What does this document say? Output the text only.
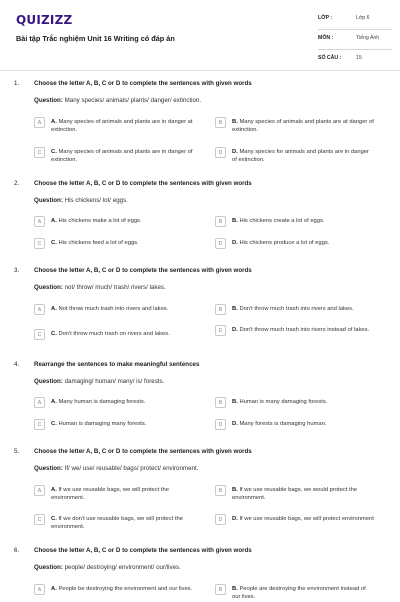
QUIZIZZ
Bài tập Trắc nghiệm Unit 16 Writing có đáp án
LỚP :	Lớp 6
MÔN :	Tiếng Anh
SỐ CÂU :	15
1. Choose the letter A, B, C or D to complete the sentences with given words
Question: Many species/ animals/ plants/ danger/ extinction.
A	A. Many species of animals and plants are in danger at extinction.
B	B. Many species of animals and plants are at danger of extinction.
C	C. Many species of animals and plants are in danger of extinction.
D	D. Many species for animals and plants are in danger of extinction.
2. Choose the letter A, B, C or D to complete the sentences with given words
Question: His chickens/ lot/ eggs.
A	A. His chickens make a lot of eggs.	B	B. His chickens create a lot of eggs.
C	C. His chickens feed a lot of eggs.	D	D. His chickens produce a lot of eggs.
3. Choose the letter A, B, C or D to complete the sentences with given words
Question: not/ throw/ much/ trash/ rivers/ lakes.
A	A. Not throw much trash into rivers and lakes.	B	B. Don't throw much trash into rivers and lakes.
C	C. Don't throw much trash on rivers and lakes.	D	D. Don't throw much trash into rivers instead of lakes.
4. Rearrange the sentences to make meaningful sentences
Question: damaging/ human/ many/ is/ forests.
A	A. Many human is damaging forests.	B	B. Human is many damaging forests.
C	C. Human is damaging many forests.	D	D. Many forests is damaging human.
5. Choose the letter A, B, C or D to complete the sentences with given words
Question: If/ we/ use/ reusable/ bags/ protect/ environment.
A	A. If we use reusable bags, we will protect the environment.
B	B. If we use reusable bags, we would protect the environment.
C	C. If we don't use reusable bags, we will protect the environment.
D	D. If we use reusable bags, we will protect environment
6. Choose the letter A, B, C or D to complete the sentences with given words
Question: people/ destroying/ environment/ our/lives.
A	A. People be destroying the environment and our lives.	B	B. People are destroying the environment instead of our lives.
